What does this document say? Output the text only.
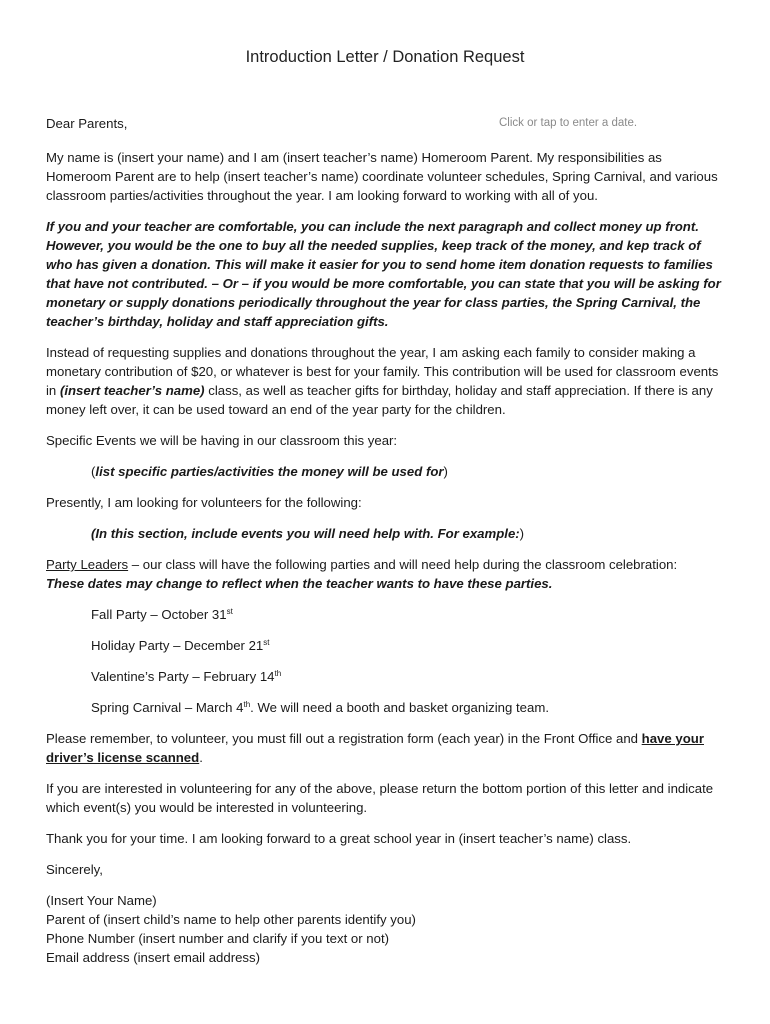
Introduction Letter / Donation Request
Dear Parents,	Click or tap to enter a date.

My name is (insert your name) and I am (insert teacher’s name) Homeroom Parent. My responsibilities as Homeroom Parent are to help (insert teacher’s name) coordinate volunteer schedules, Spring Carnival, and various classroom parties/activities throughout the year. I am looking forward to working with all of you.

If you and your teacher are comfortable, you can include the next paragraph and collect money up front. However, you would be the one to buy all the needed supplies, keep track of the money, and kep track of who has given a donation. This will make it easier for you to send home item donation requests to families that have not contributed. – Or – if you would be more comfortable, you can state that you will be asking for monetary or supply donations periodically throughout the year for class parties, the Spring Carnival, the teacher’s birthday, holiday and staff appreciation gifts.

Instead of requesting supplies and donations throughout the year, I am asking each family to consider making a monetary contribution of $20, or whatever is best for your family. This contribution will be used for classroom events in (insert teacher’s name) class, as well as teacher gifts for birthday, holiday and staff appreciation. If there is any money left over, it can be used toward an end of the year party for the children.

Specific Events we will be having in our classroom this year:

(list specific parties/activities the money will be used for)

Presently, I am looking for volunteers for the following:

(In this section, include events you will need help with. For example:)

Party Leaders – our class will have the following parties and will need help during the classroom celebration:
These dates may change to reflect when the teacher wants to have these parties.

Fall Party – October 31st

Holiday Party – December 21st

Valentine’s Party – February 14th

Spring Carnival – March 4th. We will need a booth and basket organizing team.

Please remember, to volunteer, you must fill out a registration form (each year) in the Front Office and have your driver’s license scanned.

If you are interested in volunteering for any of the above, please return the bottom portion of this letter and indicate which event(s) you would be interested in volunteering.

Thank you for your time. I am looking forward to a great school year in (insert teacher’s name) class.

Sincerely,

(Insert Your Name)

Parent of (insert child’s name to help other parents identify you)

Phone Number (insert number and clarify if you text or not)

Email address (insert email address)
